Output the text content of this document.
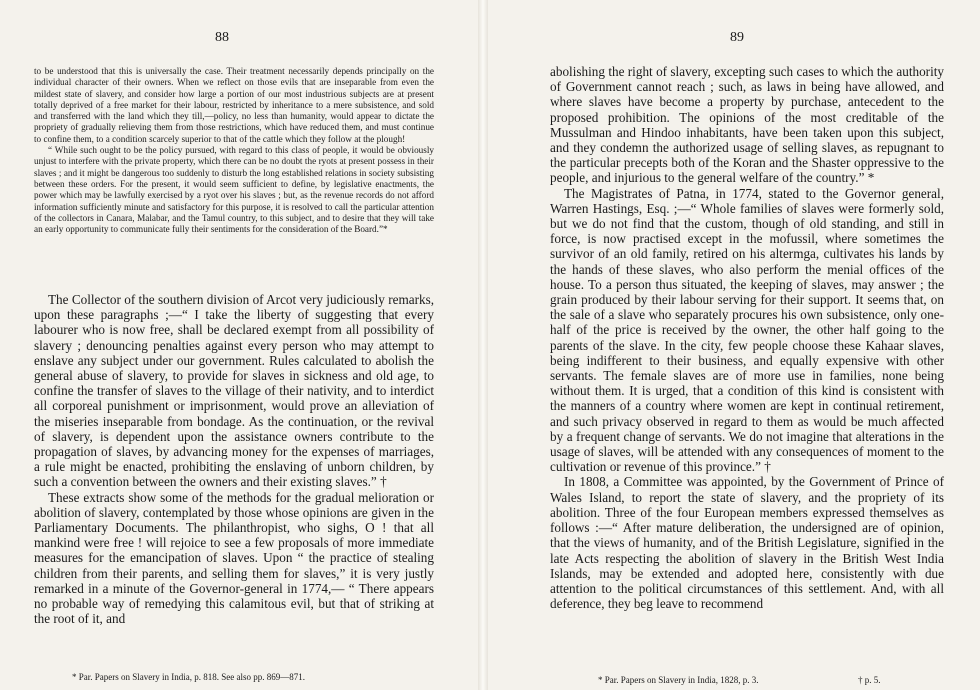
88

to be understood that this is universally the case. Their treatment necessarily depends principally on the individual character of their owners. When we reflect on those evils that are inseparable from even the mildest state of slavery, and consider how large a portion of our most industrious subjects are at present totally deprived of a free market for their labour, restricted by inheritance to a mere subsistence, and sold and transferred with the land which they till,—policy, no less than humanity, would appear to dictate the propriety of gradually relieving them from those restrictions, which have reduced them, and must continue to confine them, to a condition scarcely superior to that of the cattle which they follow at the plough!

“ While such ought to be the policy pursued, with regard to this class of people, it would be obviously unjust to interfere with the private property, which there can be no doubt the ryots at present possess in their slaves ; and it might be dangerous too suddenly to disturb the long established relations in society subsisting between these orders. For the present, it would seem sufficient to define, by legislative enactments, the power which may be lawfully exercised by a ryot over his slaves ; but, as the revenue records do not afford information sufficiently minute and satisfactory for this purpose, it is resolved to call the particular attention of the collectors in Canara, Malabar, and the Tamul country, to this subject, and to desire that they will take an early opportunity to communicate fully their sentiments for the consideration of the Board.”*

The Collector of the southern division of Arcot very judiciously remarks, upon these paragraphs ;—“ I take the liberty of suggesting that every labourer who is now free, shall be declared exempt from all possibility of slavery ; denouncing penalties against every person who may attempt to enslave any subject under our government. Rules calculated to abolish the general abuse of slavery, to provide for slaves in sickness and old age, to confine the transfer of slaves to the village of their nativity, and to interdict all corporeal punishment or imprisonment, would prove an alleviation of the miseries inseparable from bondage. As the continuation, or the revival of slavery, is dependent upon the assistance owners contribute to the propagation of slaves, by advancing money for the expenses of marriages, a rule might be enacted, prohibiting the enslaving of unborn children, by such a convention between the owners and their existing slaves.” †

These extracts show some of the methods for the gradual melioration or abolition of slavery, contemplated by those whose opinions are given in the Parliamentary Documents. The philanthropist, who sighs, O ! that all mankind were free ! will rejoice to see a few proposals of more immediate measures for the emancipation of slaves. Upon “ the practice of stealing children from their parents, and selling them for slaves,” it is very justly remarked in a minute of the Governor-general in 1774,— “ There appears no probable way of remedying this calamitous evil, but that of striking at the root of it, and

* Par. Papers on Slavery in India, p. 818. See also pp. 869—871.
89

abolishing the right of slavery, excepting such cases to which the authority of Government cannot reach ; such, as laws in being have allowed, and where slaves have become a property by purchase, antecedent to the proposed prohibition. The opinions of the most creditable of the Mussulman and Hindoo inhabitants, have been taken upon this subject, and they condemn the authorized usage of selling slaves, as repugnant to the particular precepts both of the Koran and the Shaster oppressive to the people, and injurious to the general welfare of the country.” *

The Magistrates of Patna, in 1774, stated to the Governor general, Warren Hastings, Esq. ;—“ Whole families of slaves were formerly sold, but we do not find that the custom, though of old standing, and still in force, is now practised except in the mofussil, where sometimes the survivor of an old family, retired on his altermga, cultivates his lands by the hands of these slaves, who also perform the menial offices of the house. To a person thus situated, the keeping of slaves, may answer ; the grain produced by their labour serving for their support. It seems that, on the sale of a slave who separately procures his own subsistence, only one-half of the price is received by the owner, the other half going to the parents of the slave. In the city, few people choose these Kahaar slaves, being indifferent to their business, and equally expensive with other servants. The female slaves are of more use in families, none being without them. It is urged, that a condition of this kind is consistent with the manners of a country where women are kept in continual retirement, and such privacy observed in regard to them as would be much affected by a frequent change of servants. We do not imagine that alterations in the usage of slaves, will be attended with any consequences of moment to the cultivation or revenue of this province.” †

In 1808, a Committee was appointed, by the Government of Prince of Wales Island, to report the state of slavery, and the propriety of its abolition. Three of the four European members expressed themselves as follows :—“ After mature deliberation, the undersigned are of opinion, that the views of humanity, and of the British Legislature, signified in the late Acts respecting the abolition of slavery in the British West India Islands, may be extended and adopted here, consistently with due attention to the political circumstances of this settlement. And, with all deference, they beg leave to recommend

* Par. Papers on Slavery in India, 1828, p. 3.	† p. 5.
